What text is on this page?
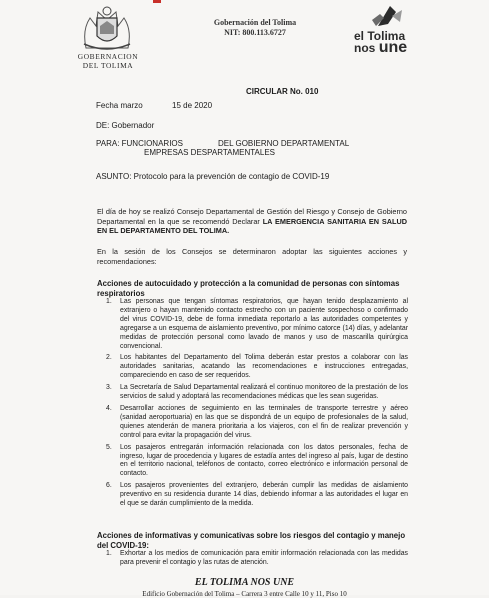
GOBERNACION
DEL TOLIMA
Gobernación del Tolima
NIT: 800.113.6727	el Tolima
nos une
CIRCULAR No. 010
Fecha marzo	15 de 2020
DE: Gobernador
PARA: FUNCIONARIOS	DEL GOBIERNO DEPARTAMENTAL
EMPRESAS DESPARTAMENTALES
ASUNTO: Protocolo para la prevención de contagio de COVID-19
El día de hoy se realizó Consejo Departamental de Gestión del Riesgo y Consejo de Gobierno Departamental en la que se recomendó Declarar LA EMERGENCIA SANITARIA EN SALUD EN EL DEPARTAMENTO DEL TOLIMA.
En la sesión de los Consejos se determinaron adoptar las siguientes acciones y recomendaciones:
Acciones de autocuidado y protección a la comunidad de personas con síntomas respiratorios
1. Las personas que tengan síntomas respiratorios, que hayan tenido desplazamiento al extranjero o hayan mantenido contacto estrecho con un paciente sospechoso o confirmado del virus COVID-19, debe de forma inmediata reportarlo a las autoridades competentes y agregarse a un esquema de aislamiento preventivo, por mínimo catorce (14) días, y adelantar medidas de protección personal como lavado de manos y uso de mascarilla quirúrgica convencional.
2. Los habitantes del Departamento del Tolima deberán estar prestos a colaborar con las autoridades sanitarias, acatando las recomendaciones e instrucciones entregadas, compareciendo en caso de ser requeridos.
3. La Secretaría de Salud Departamental realizará el continuo monitoreo de la prestación de los servicios de salud y adoptará las recomendaciones médicas que les sean sugeridas.
4. Desarrollar acciones de seguimiento en las terminales de transporte terrestre y aéreo (sanidad aeroportuaria) en las que se dispondrá de un equipo de profesionales de la salud, quienes atenderán de manera prioritaria a los viajeros, con el fin de realizar prevención y control para evitar la propagación del virus.
5. Los pasajeros entregarán información relacionada con los datos personales, fecha de ingreso, lugar de procedencia y lugares de estadía antes del ingreso al país, lugar de destino en el territorio nacional, teléfonos de contacto, correo electrónico e información personal de contacto.
6. Los pasajeros provenientes del extranjero, deberán cumplir las medidas de aislamiento preventivo en su residencia durante 14 días, debiendo informar a las autoridades el lugar en el que se darán cumplimiento de la medida.
Acciones de informativas y comunicativas sobre los riesgos del contagio y manejo del COVID-19:
1. Exhortar a los medios de comunicación para emitir información relacionada con las medidas para prevenir el contagio y las rutas de atención.
EL TOLIMA NOS UNE
Edificio Gobernación del Tolima – Carrera 3 entre Calle 10 y 11, Piso 10
